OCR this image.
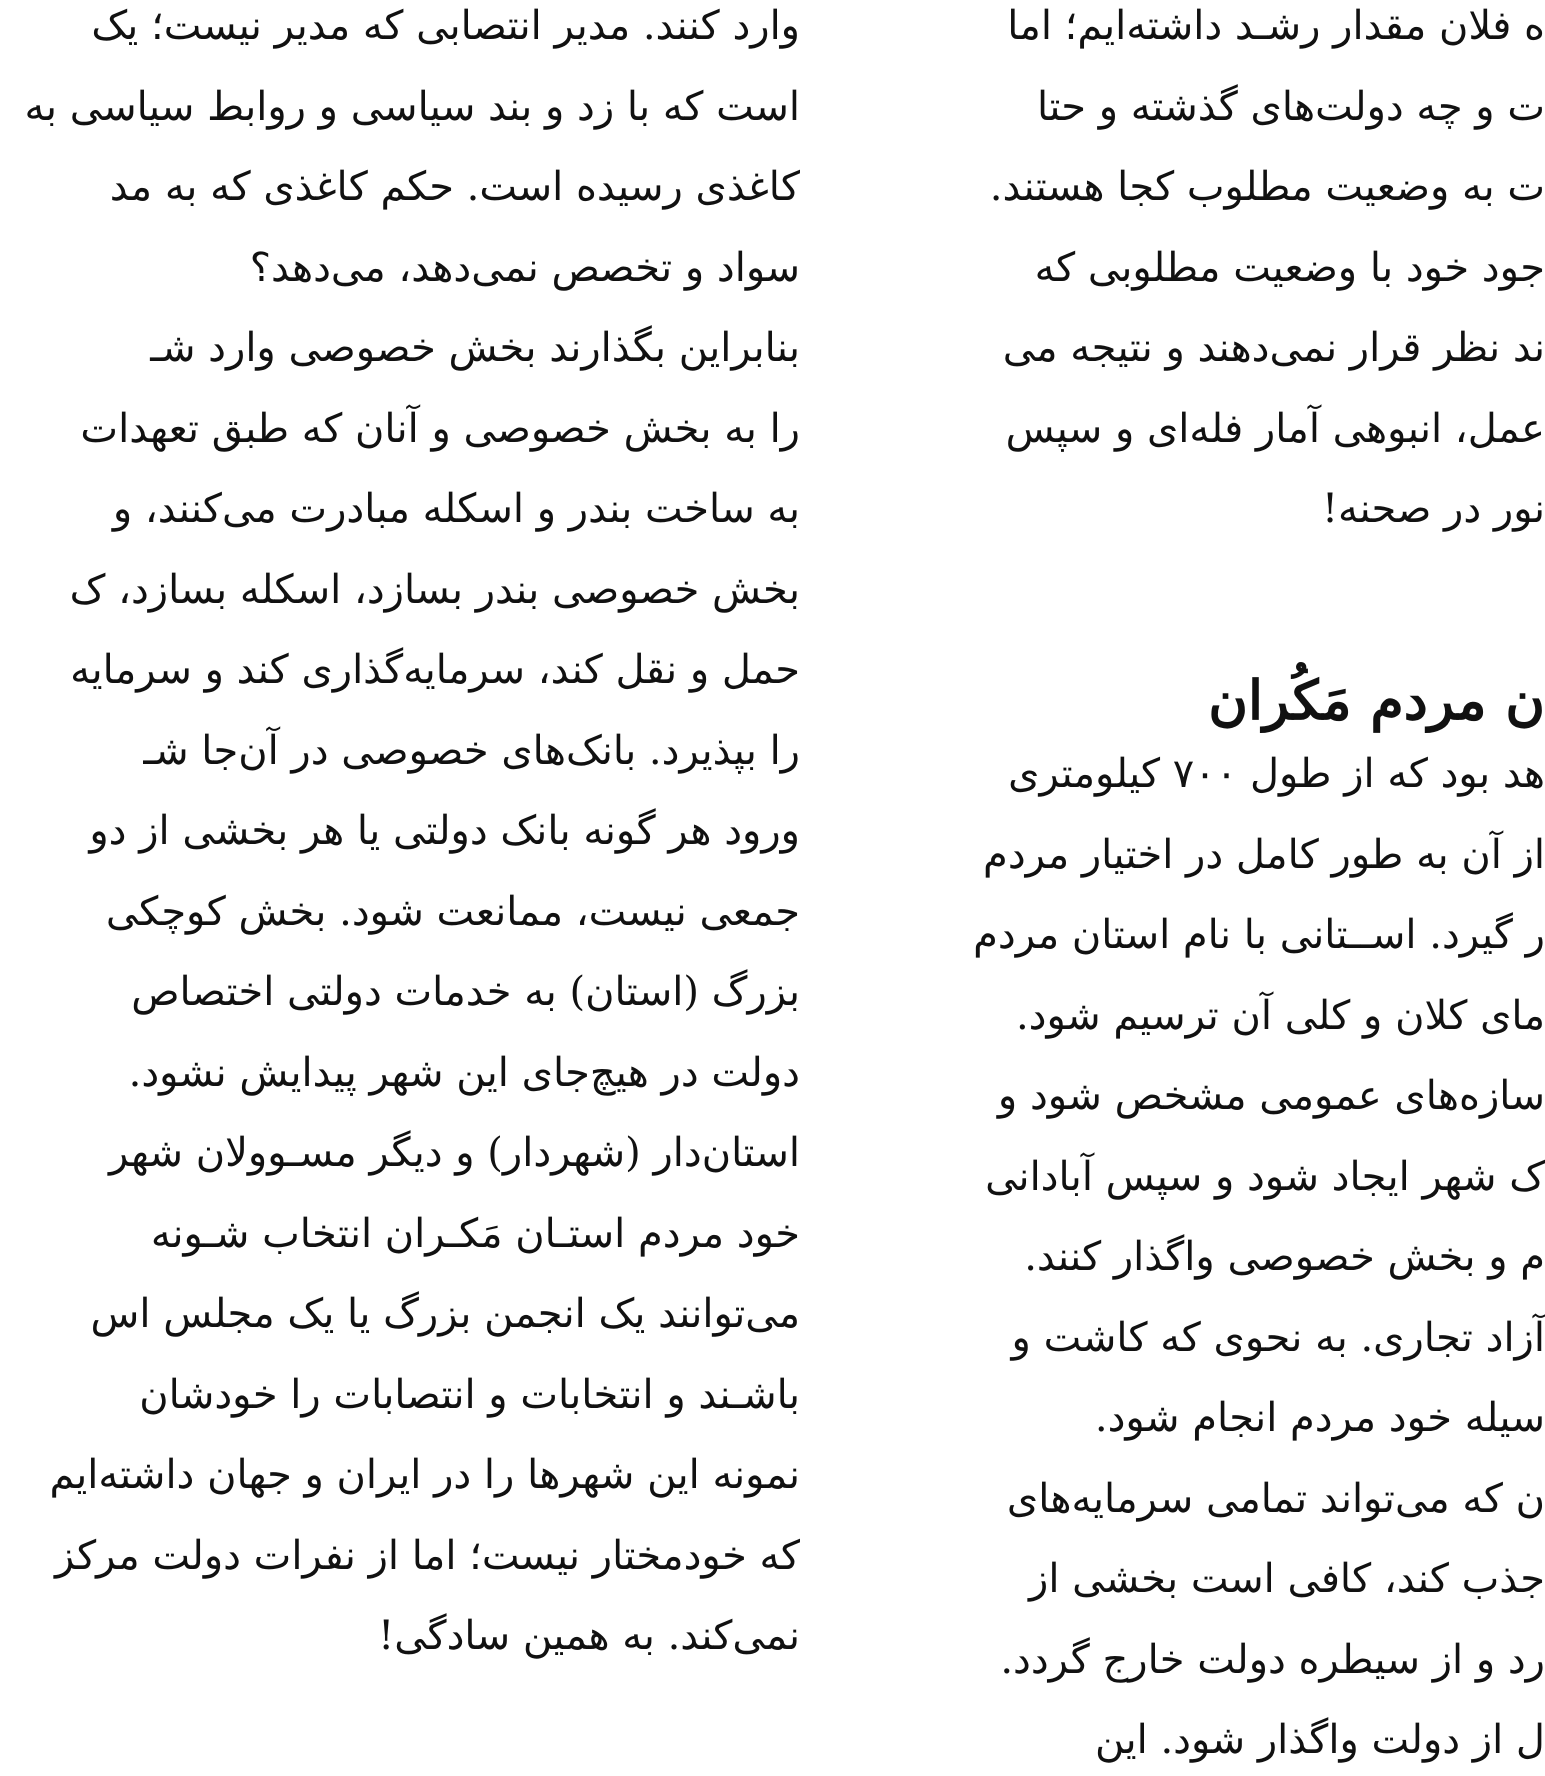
وارد کنند. مدیر انتصابی که مدیر نیست؛ یک
است که با زد و بند سیاسی و روابط سیاسی به
کاغذی رسیده است. حکم کاغذی که به مد
سواد و تخصص نمی‌دهد، می‌دهد؟
بنابراین بگذارند بخش خصوصی وارد شـ
را به بخش خصوصی و آنان که طبق تعهدات
به ساخت بندر و اسکله مبادرت می‌کنند، و
بخش خصوصی بندر بسازد، اسکله بسازد، ک
حمل و نقل کند، سرمایه‌گذاری کند و سرمایه
را بپذیرد. بانک‌های خصوصی در آن‌جا شـ
ورود هر گونه بانک دولتی یا هر بخشی از دو
جمعی نیست، ممانعت شود. بخش کوچکی
بزرگ (استان) به خدمات دولتی اختصاص
دولت در هیچ‌جای این شهر پیدایش نشود.
استان‌دار (شهردار) و دیگر مسـوولان شهر
خود مردم استـان مَکـران انتخاب شـونه
می‌توانند یک انجمن بزرگ یا یک مجلس اس
باشـند و انتخابات و انتصابات را خودشان
نمونه این شهرها را در ایران و جهان داشته‌ایم
که خودمختار نیست؛ اما از نفرات دولت مرکز
نمی‌کند. به همین سادگی!
ه فلان مقدار رشـد داشته‌ایم؛ اما
ت و چه دولت‌های گذشته و حتا
ت به وضعیت مطلوب کجا هستند.
جود خود با وضعیت مطلوبی که
ند نظر قرار نمی‌دهند و نتیجه می
عمل، انبوهی آمار فله‌ای و سپس
نور در صحنه!
ن مردم مَکُران
هد بود که از طول ۷۰۰ کیلومتری
از آن به طور کامل در اختیار مردم
ر گیرد. اســتانی با نام استان مردم
مای کلان و کلی آن ترسیم شود.
سازه‌های عمومی مشخص شود و
ک شهر ایجاد شود و سپس آبادانی
م و بخش خصوصی واگذار کنند.
آزاد تجاری. به نحوی که کاشت و
سیله خود مردم انجام شود.
ن که می‌تواند تمامی سرمایه‌های
جذب کند، کافی است بخشی از
رد و از سیطره دولت خارج گردد.
ل از دولت واگذار شود. این
